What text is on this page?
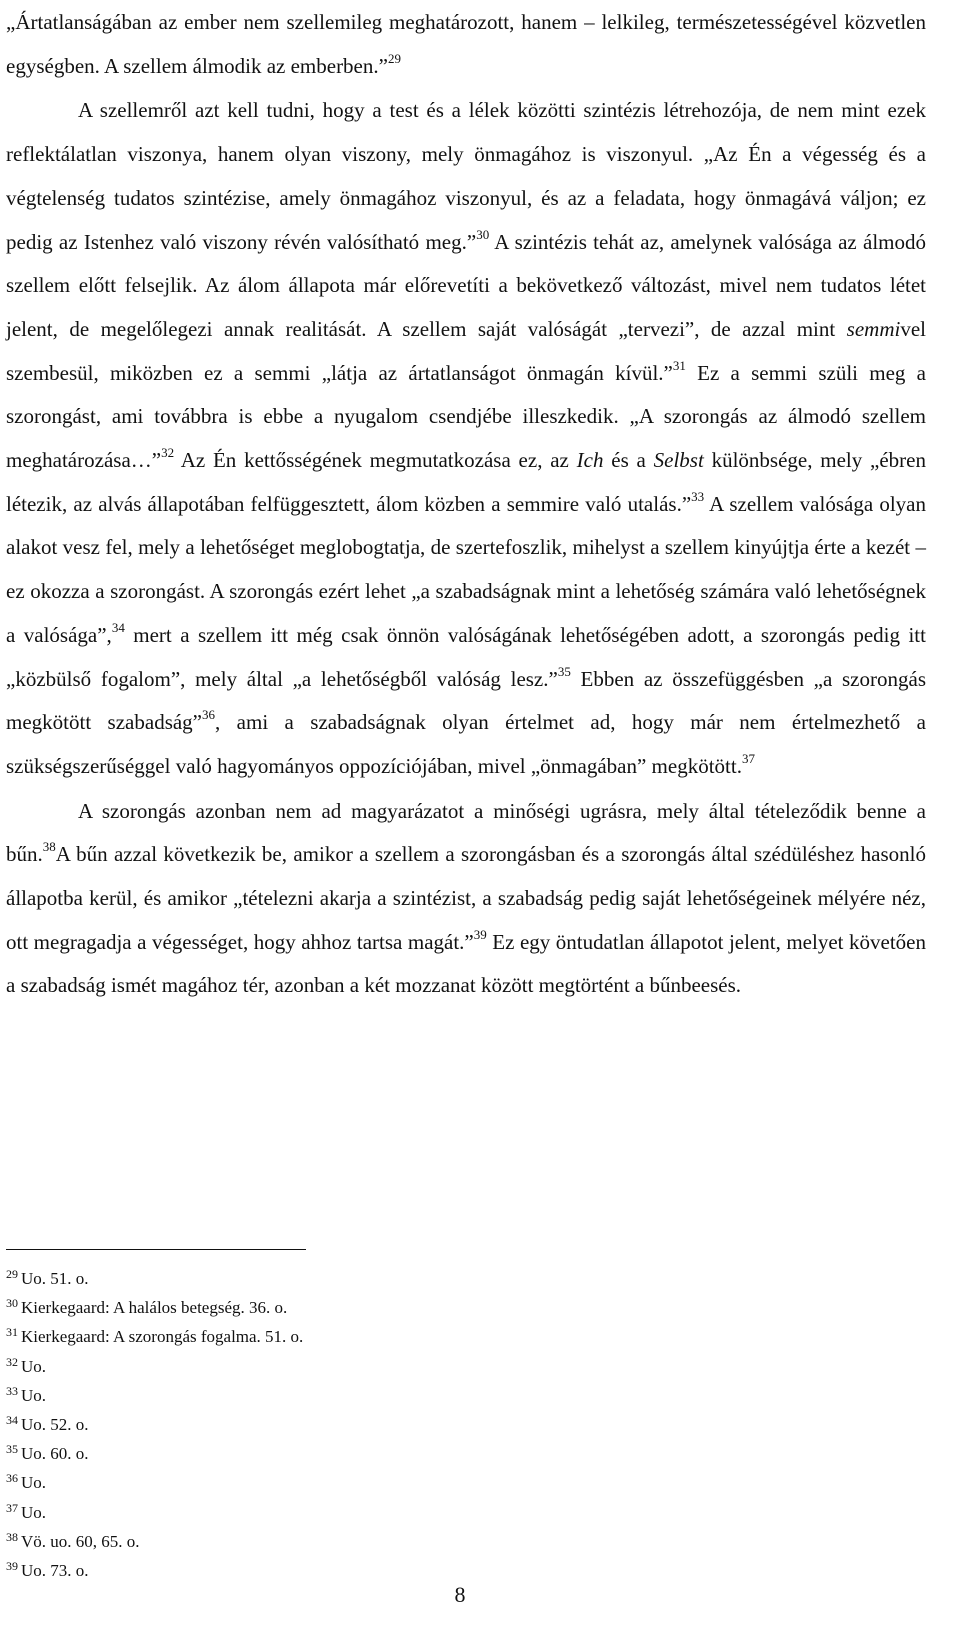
„Ártatlanságában az ember nem szellemileg meghatározott, hanem – lelkileg, természetességével közvetlen egységben. A szellem álmodik az emberben.”$^{29}$

A szellemről azt kell tudni, hogy a test és a lélek közötti szintézis létrehozója, de nem mint ezek reflektálatlan viszonya, hanem olyan viszony, mely önmagához is viszonyul. „Az Én a végesség és a végtelenség tudatos szintézise, amely önmagához viszonyul, és az a feladata, hogy önmagává váljon; ez pedig az Istenhez való viszony révén valósítható meg.”$^{30}$ A szintézis tehát az, amelynek valósága az álmodó szellem előtt felsejlik. Az álom állapota már előrevetíti a bekövetkező változást, mivel nem tudatos létet jelent, de megelőlegezi annak realitását. A szellem saját valóságát „tervezi”, de azzal mint semmivel szembesül, miközben ez a semmi „látja az ártatlanságot önmagán kívül.”$^{31}$ Ez a semmi szüli meg a szorongást, ami továbbra is ebbe a nyugalom csendjébe illeszkedik. „A szorongás az álmodó szellem meghatározása…”$^{32}$ Az Én kettősségének megmutatkozása ez, az Ich és a Selbst különbsége, mely „ébren létezik, az alvás állapotában felfüggesztett, álom közben a semmire való utalás.”$^{33}$ A szellem valósága olyan alakot vesz fel, mely a lehetőséget meglobogtatja, de szertefoszlik, mihelyst a szellem kinyújtja érte a kezét – ez okozza a szorongást. A szorongás ezért lehet „a szabadságnak mint a lehetőség számára való lehetőségnek a valósága”,$^{34}$ mert a szellem itt még csak önnön valóságának lehetőségében adott, a szorongás pedig itt „közbülső fogalom”, mely által „a lehetőségből valóság lesz.”$^{35}$ Ebben az összefüggésben „a szorongás megkötött szabadság”$^{36}$, ami a szabadságnak olyan értelmet ad, hogy már nem értelmezhető a szükségszerűséggel való hagyományos oppozíciójában, mivel „önmagában” megkötött.$^{37}$

A szorongás azonban nem ad magyarázatot a minőségi ugrásra, mely által tételeződik benne a bűn.$^{38}$A bűn azzal következik be, amikor a szellem a szorongásban és a szorongás által szédüléshez hasonló állapotba kerül, és amikor „tételezni akarja a szintézist, a szabadság pedig saját lehetőségeinek mélyére néz, ott megragadja a végességet, hogy ahhoz tartsa magát.”$^{39}$ Ez egy öntudatlan állapotot jelent, melyet követően a szabadság ismét magához tér, azonban a két mozzanat között megtörtént a bűnbeesés.

$^{29}$ Uo. 51. o.
$^{30}$ Kierkegaard: A halálos betegség. 36. o.
$^{31}$ Kierkegaard: A szorongás fogalma. 51. o.
$^{32}$ Uo.
$^{33}$ Uo.
$^{34}$ Uo. 52. o.
$^{35}$ Uo. 60. o.
$^{36}$ Uo.
$^{37}$ Uo.
$^{38}$ Vö. uo. 60, 65. o.
$^{39}$ Uo. 73. o.
8
